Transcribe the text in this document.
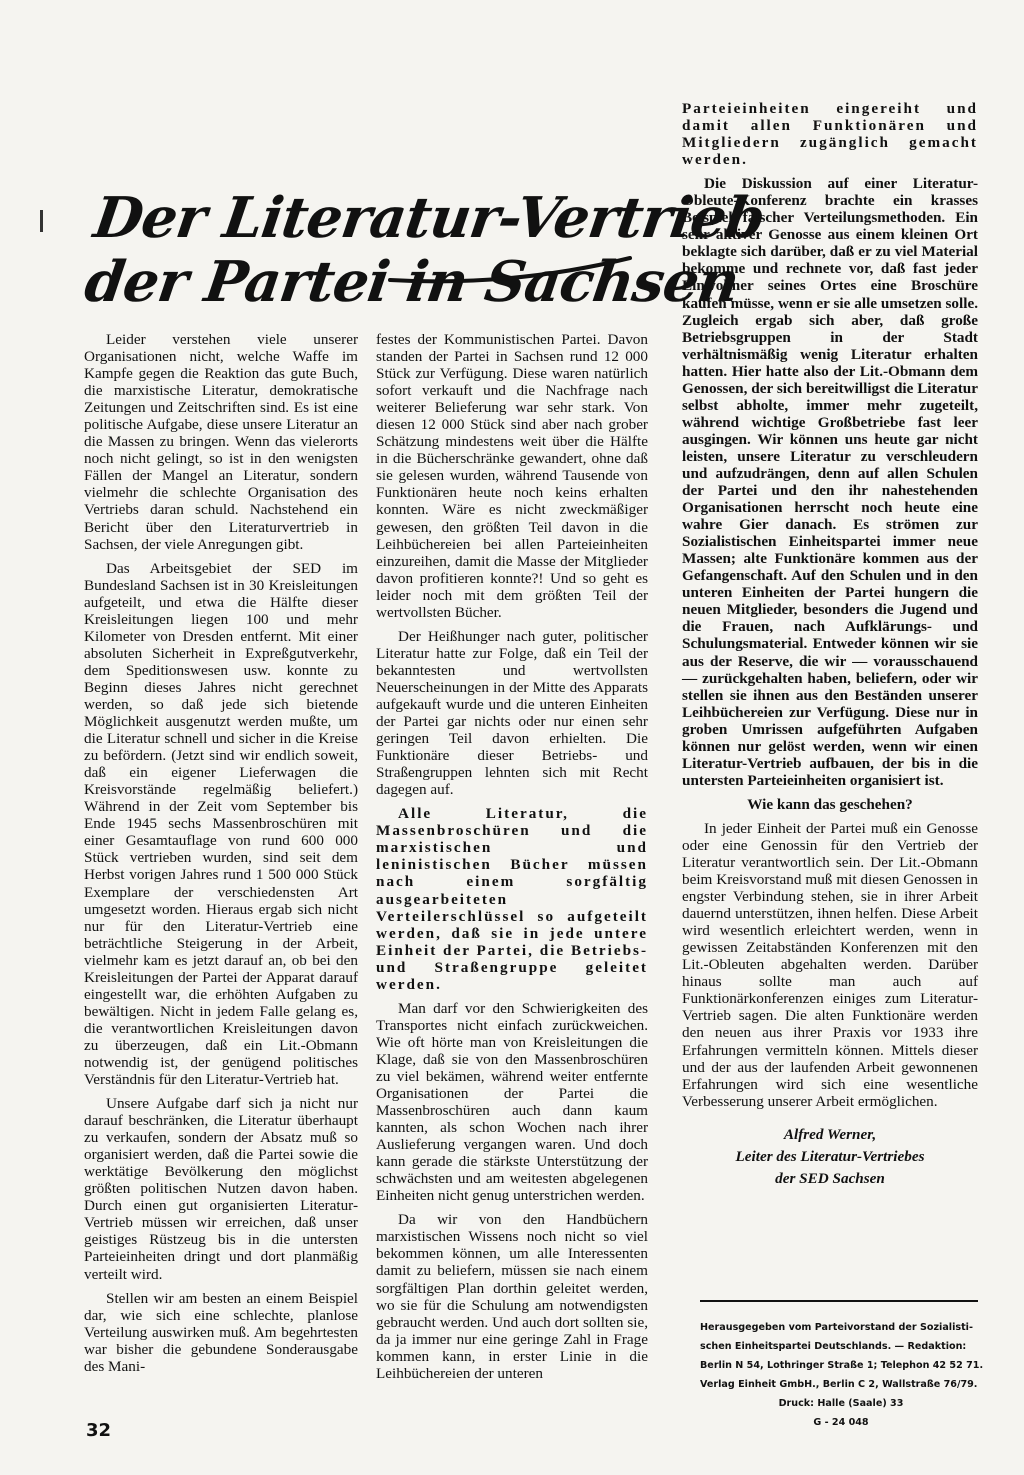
Der Literatur-Vertrieb
der Partei in Sachsen

Leider verstehen viele unserer Organisationen nicht, welche Waffe im Kampfe gegen die Reaktion das gute Buch, die marxistische Literatur, demokratische Zeitungen und Zeitschriften sind. Es ist eine politische Aufgabe, diese unsere Literatur an die Massen zu bringen. Wenn das vielerorts noch nicht gelingt, so ist in den wenigsten Fällen der Mangel an Literatur, sondern vielmehr die schlechte Organisation des Vertriebs daran schuld. Nachstehend ein Bericht über den Literaturvertrieb in Sachsen, der viele Anregungen gibt.

Das Arbeitsgebiet der SED im Bundesland Sachsen ist in 30 Kreisleitungen aufgeteilt, und etwa die Hälfte dieser Kreisleitungen liegen 100 und mehr Kilometer von Dresden entfernt. Mit einer absoluten Sicherheit in Expreßgutverkehr, dem Speditionswesen usw. konnte zu Beginn dieses Jahres nicht gerechnet werden, so daß jede sich bietende Möglichkeit ausgenutzt werden mußte, um die Literatur schnell und sicher in die Kreise zu befördern. (Jetzt sind wir endlich soweit, daß ein eigener Lieferwagen die Kreisvorstände regelmäßig beliefert.) Während in der Zeit vom September bis Ende 1945 sechs Massenbroschüren mit einer Gesamtauflage von rund 600 000 Stück vertrieben wurden, sind seit dem Herbst vorigen Jahres rund 1 500 000 Stück Exemplare der verschiedensten Art umgesetzt worden. Hieraus ergab sich nicht nur für den Literatur-Vertrieb eine beträchtliche Steigerung in der Arbeit, vielmehr kam es jetzt darauf an, ob bei den Kreisleitungen der Partei der Apparat darauf eingestellt war, die erhöhten Aufgaben zu bewältigen. Nicht in jedem Falle gelang es, die verantwortlichen Kreisleitungen davon zu überzeugen, daß ein Lit.-Obmann notwendig ist, der genügend politisches Verständnis für den Literatur-Vertrieb hat.

Unsere Aufgabe darf sich ja nicht nur darauf beschränken, die Literatur überhaupt zu verkaufen, sondern der Absatz muß so organisiert werden, daß die Partei sowie die werktätige Bevölkerung den möglichst größten politischen Nutzen davon haben. Durch einen gut organisierten Literatur-Vertrieb müssen wir erreichen, daß unser geistiges Rüstzeug bis in die untersten Parteieinheiten dringt und dort planmäßig verteilt wird.

Stellen wir am besten an einem Beispiel dar, wie sich eine schlechte, planlose Verteilung auswirken muß. Am begehrtesten war bisher die gebundene Sonderausgabe des Mani-

festes der Kommunistischen Partei. Davon standen der Partei in Sachsen rund 12 000 Stück zur Verfügung. Diese waren natürlich sofort verkauft und die Nachfrage nach weiterer Belieferung war sehr stark. Von diesen 12 000 Stück sind aber nach grober Schätzung mindestens weit über die Hälfte in die Bücherschränke gewandert, ohne daß sie gelesen wurden, während Tausende von Funktionären heute noch keins erhalten konnten. Wäre es nicht zweckmäßiger gewesen, den größten Teil davon in die Leihbüchereien bei allen Parteieinheiten einzureihen, damit die Masse der Mitglieder davon profitieren konnte?! Und so geht es leider noch mit dem größten Teil der wertvollsten Bücher.

Der Heißhunger nach guter, politischer Literatur hatte zur Folge, daß ein Teil der bekanntesten und wertvollsten Neuerscheinungen in der Mitte des Apparats aufgekauft wurde und die unteren Einheiten der Partei gar nichts oder nur einen sehr geringen Teil davon erhielten. Die Funktionäre dieser Betriebs- und Straßengruppen lehnten sich mit Recht dagegen auf.

Alle Literatur, die Massenbroschüren und die marxistischen und leninistischen Bücher müssen nach einem sorgfältig ausgearbeiteten Verteilerschlüssel so aufgeteilt werden, daß sie in jede untere Einheit der Partei, die Betriebs- und Straßengruppe geleitet werden.

Man darf vor den Schwierigkeiten des Transportes nicht einfach zurückweichen. Wie oft hörte man von Kreisleitungen die Klage, daß sie von den Massenbroschüren zu viel bekämen, während weiter entfernte Organisationen der Partei die Massenbroschüren auch dann kaum kannten, als schon Wochen nach ihrer Auslieferung vergangen waren. Und doch kann gerade die stärkste Unterstützung der schwächsten und am weitesten abgelegenen Einheiten nicht genug unterstrichen werden.

Da wir von den Handbüchern marxistischen Wissens noch nicht so viel bekommen können, um alle Interessenten damit zu beliefern, müssen sie nach einem sorgfältigen Plan dorthin geleitet werden, wo sie für die Schulung am notwendigsten gebraucht werden. Und auch dort sollten sie, da ja immer nur eine geringe Zahl in Frage kommen kann, in erster Linie in die Leihbüchereien der unteren

Parteieinheiten eingereiht und damit allen Funktionären und Mitgliedern zugänglich gemacht werden.

Die Diskussion auf einer Literatur-Obleute-Konferenz brachte ein krasses Beispiel falscher Verteilungsmethoden. Ein sehr aktiver Genosse aus einem kleinen Ort beklagte sich darüber, daß er zu viel Material bekomme und rechnete vor, daß fast jeder Einwohner seines Ortes eine Broschüre kaufen müsse, wenn er sie alle umsetzen solle. Zugleich ergab sich aber, daß große Betriebsgruppen in der Stadt verhältnismäßig wenig Literatur erhalten hatten. Hier hatte also der Lit.-Obmann dem Genossen, der sich bereitwilligst die Literatur selbst abholte, immer mehr zugeteilt, während wichtige Großbetriebe fast leer ausgingen. Wir können uns heute gar nicht leisten, unsere Literatur zu verschleudern und aufzudrängen, denn auf allen Schulen der Partei und den ihr nahestehenden Organisationen herrscht noch heute eine wahre Gier danach. Es strömen zur Sozialistischen Einheitspartei immer neue Massen; alte Funktionäre kommen aus der Gefangenschaft. Auf den Schulen und in den unteren Einheiten der Partei hungern die neuen Mitglieder, besonders die Jugend und die Frauen, nach Aufklärungs- und Schulungsmaterial. Entweder können wir sie aus der Reserve, die wir — vorausschauend — zurückgehalten haben, beliefern, oder wir stellen sie ihnen aus den Beständen unserer Leihbüchereien zur Verfügung. Diese nur in groben Umrissen aufgeführten Aufgaben können nur gelöst werden, wenn wir einen Literatur-Vertrieb aufbauen, der bis in die untersten Parteieinheiten organisiert ist.

Wie kann das geschehen?

In jeder Einheit der Partei muß ein Genosse oder eine Genossin für den Vertrieb der Literatur verantwortlich sein. Der Lit.-Obmann beim Kreisvorstand muß mit diesen Genossen in engster Verbindung stehen, sie in ihrer Arbeit dauernd unterstützen, ihnen helfen. Diese Arbeit wird wesentlich erleichtert werden, wenn in gewissen Zeitabständen Konferenzen mit den Lit.-Obleuten abgehalten werden. Darüber hinaus sollte man auch auf Funktionärkonferenzen einiges zum Literatur-Vertrieb sagen. Die alten Funktionäre werden den neuen aus ihrer Praxis vor 1933 ihre Erfahrungen vermitteln können. Mittels dieser und der aus der laufenden Arbeit gewonnenen Erfahrungen wird sich eine wesentliche Verbesserung unserer Arbeit ermöglichen.

Alfred Werner,
Leiter des Literatur-Vertriebes
der SED Sachsen
Herausgegeben vom Parteivorstand der Sozialisti-
schen Einheitspartei Deutschlands. — Redaktion:
Berlin N 54, Lothringer Straße 1; Telephon 42 52 71.
Verlag Einheit GmbH., Berlin C 2, Wallstraße 76/79.
Druck: Halle (Saale) 33
G - 24 048
32
